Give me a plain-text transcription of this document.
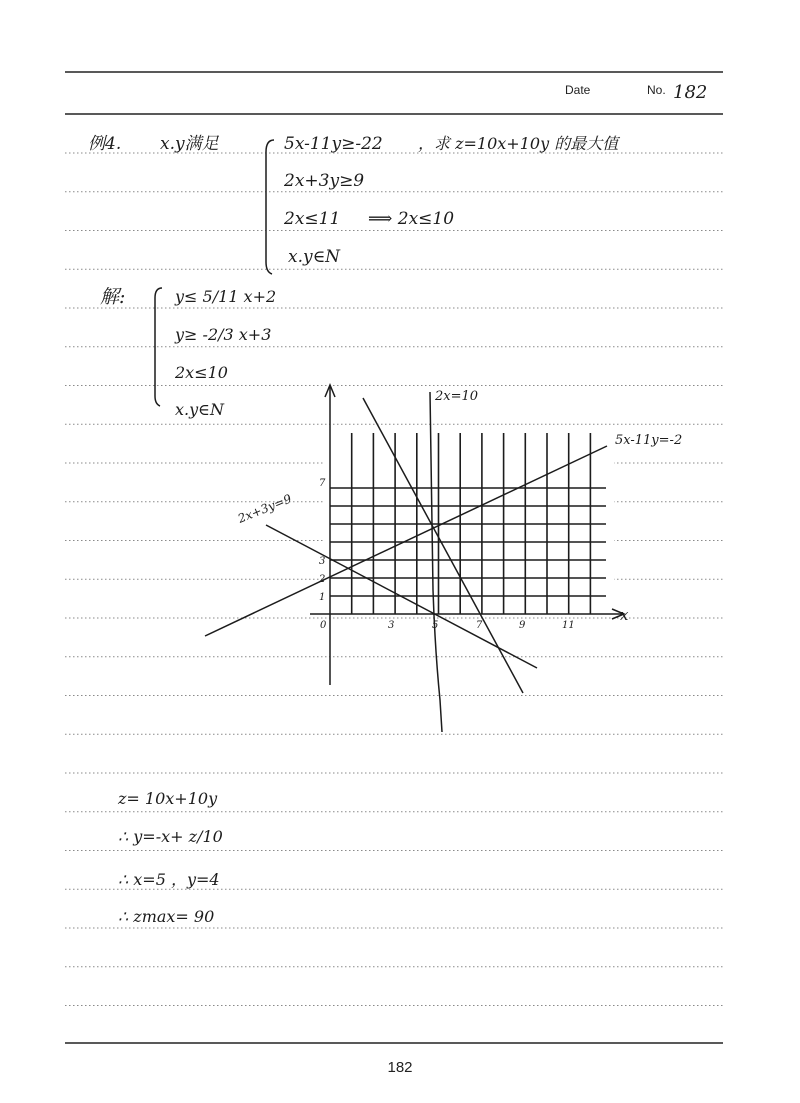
Date	No. 182
例4. x.y满足	5x-11y≥-22 ，求 z=10x+10y 的最大值
2x+3y≥9
2x≤11 ⟹ 2x≤10
x.y∈N
解:	y≤ 5/11 x+2
y≥ -2/3 x+3
2x≤10
x.y∈N
x
2x=10
5x-11y=-2
2x+3y=9
0	3	5	7	9	11
1
2
3
7
z= 10x+10y
∴ y=-x+ z/10
∴ x=5 ，y=4
∴ zmax= 90
182
